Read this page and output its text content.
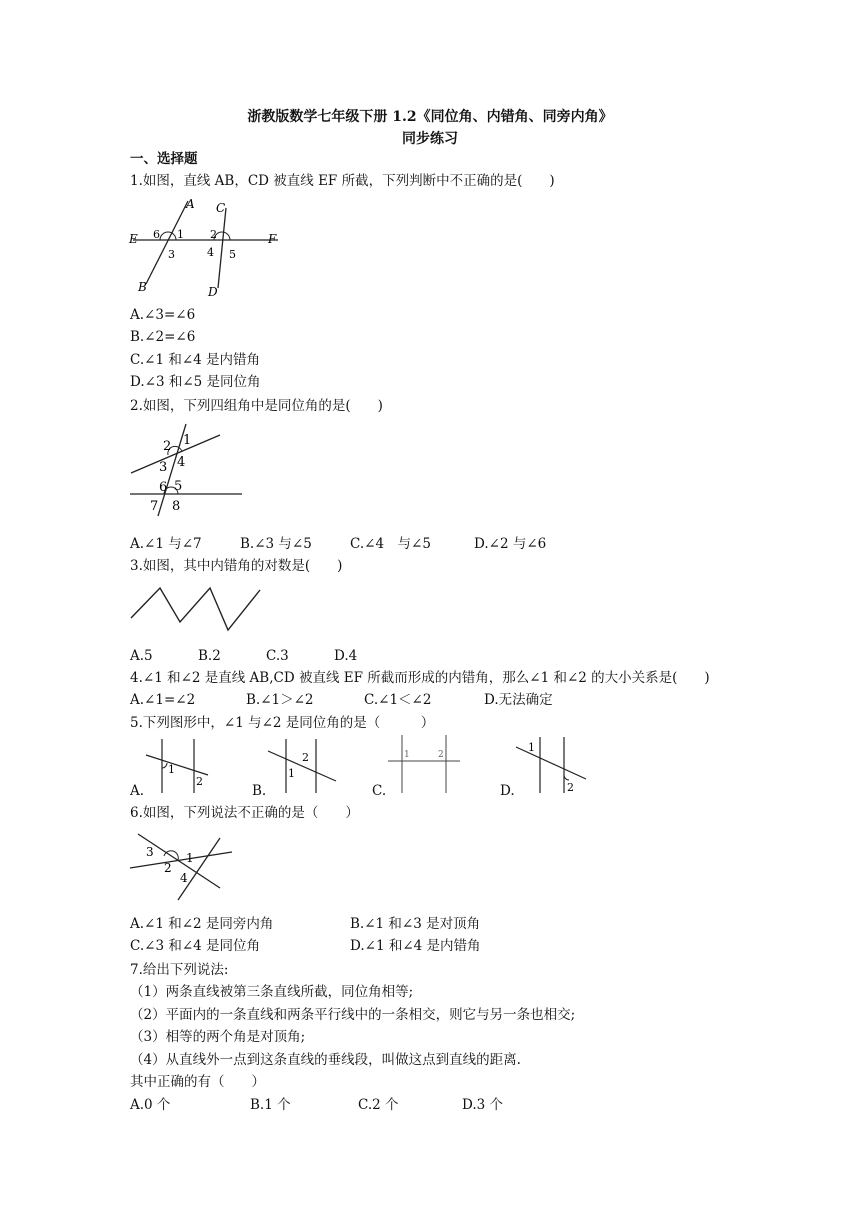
浙教版数学七年级下册 1.2《同位角、内错角、同旁内角》
同步练习
一、选择题
1.如图，直线 AB，CD 被直线 EF 所截，下列判断中不正确的是(　　)
A C
E	F
B	D
1 2
3	4 5
6
A.∠3=∠6
B.∠2=∠6
C.∠1 和∠4 是内错角
D.∠3 和∠5 是同位角
2.如图，下列四组角中是同位角的是(　　)
1
2
3 4
5
6
7 8
A.∠1 与∠7	B.∠3 与∠5	C.∠4　与∠5	D.∠2 与∠6
3.如图，其中内错角的对数是(　　)
A.5	B.2	C.3	D.4
4.∠1 和∠2 是直线 AB,CD 被直线 EF 所截而形成的内错角，那么∠1 和∠2 的大小关系是(　　)
A.∠1=∠2	B.∠1＞∠2	C.∠1＜∠2	D.无法确定
5.下列图形中，∠1 与∠2 是同位角的是（　　　）
A.
1
2
B.
1
2
C.
1	2
D.
1
2
6.如图，下列说法不正确的是（　　）
3	1
2
4
A.∠1 和∠2 是同旁内角	B.∠1 和∠3 是对顶角
C.∠3 和∠4 是同位角	D.∠1 和∠4 是内错角
7.给出下列说法:
（1）两条直线被第三条直线所截，同位角相等;
（2）平面内的一条直线和两条平行线中的一条相交，则它与另一条也相交;
（3）相等的两个角是对顶角;
（4）从直线外一点到这条直线的垂线段，叫做这点到直线的距离.
其中正确的有（　　）
A.0 个	B.1 个	C.2 个	D.3 个
